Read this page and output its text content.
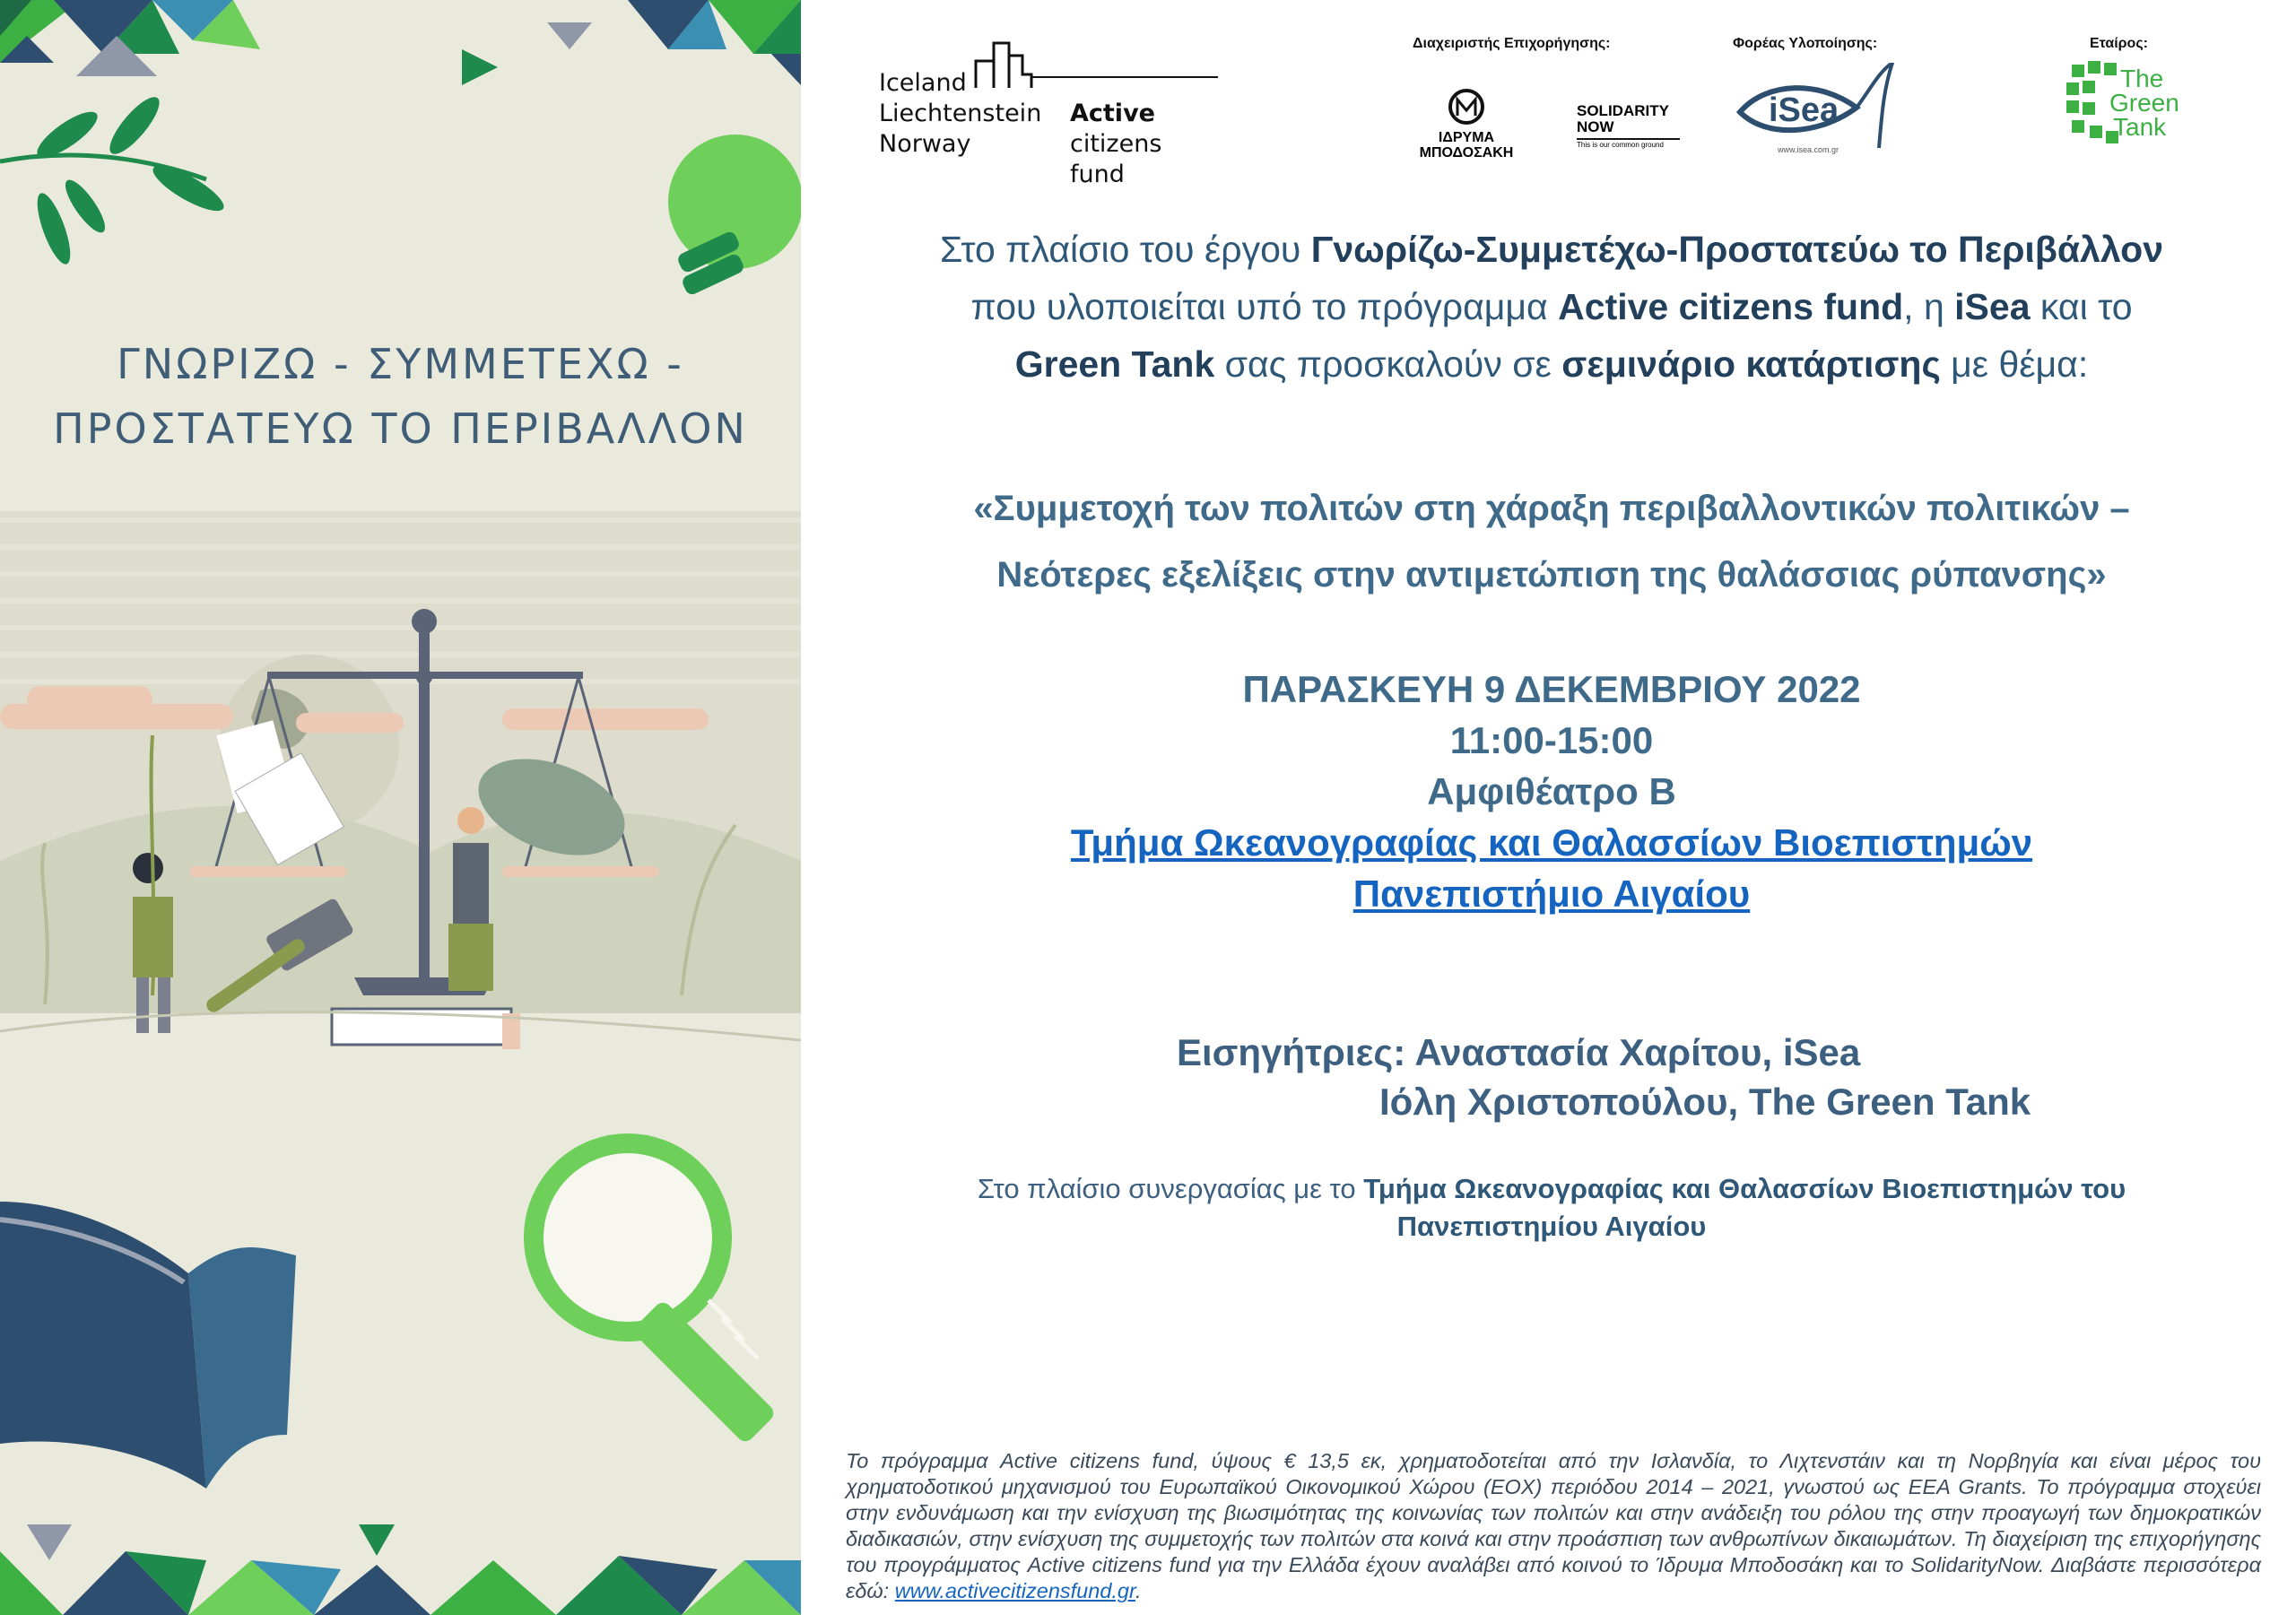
ΓΝΩΡΙΖΩ - ΣΥΜΜΕΤΕΧΩ -
ΠΡΟΣΤΑΤΕΥΩ ΤΟ ΠΕΡΙΒΑΛΛΟΝ
Iceland
Liechtenstein
Norway
Active
citizens fund
Διαχειριστής Επιχορήγησης:
ΙΔΡΥΜΑ ΜΠΟΔΟΣΑΚΗ
SOLIDARITY
NOW
This is our common ground
Φορέας Υλοποίησης:
iSea
www.isea.com.gr
Εταίρος:
The
Green
Tank
Στο πλαίσιο του έργου Γνωρίζω-Συμμετέχω-Προστατεύω το Περιβάλλον
που υλοποιείται υπό το πρόγραμμα Active citizens fund, η iSea και το
Green Tank σας προσκαλούν σε σεμινάριο κατάρτισης με θέμα:
«Συμμετοχή των πολιτών στη χάραξη περιβαλλοντικών πολιτικών –
Νεότερες εξελίξεις στην αντιμετώπιση της θαλάσσιας ρύπανσης»
ΠΑΡΑΣΚΕΥΗ 9 ΔΕΚΕΜΒΡΙΟΥ 2022
11:00-15:00
Αμφιθέατρο Β
Τμήμα Ωκεανογραφίας και Θαλασσίων Βιοεπιστημών
Πανεπιστήμιο Αιγαίου
Εισηγήτριες: Αναστασία Χαρίτου, iSea
Ιόλη Χριστοπούλου, The Green Tank
Στο πλαίσιο συνεργασίας με το Τμήμα Ωκεανογραφίας και Θαλασσίων Βιοεπιστημών του
Πανεπιστημίου Αιγαίου
Το πρόγραμμα Active citizens fund, ύψους € 13,5 εκ, χρηματοδοτείται από την Ισλανδία, το Λιχτενστάιν και τη Νορβηγία και είναι μέρος του χρηματοδοτικού μηχανισμού του Ευρωπαϊκού Οικονομικού Χώρου (ΕΟΧ) περιόδου 2014 – 2021, γνωστού ως EEA Grants. Το πρόγραμμα στοχεύει στην ενδυνάμωση και την ενίσχυση της βιωσιμότητας της κοινωνίας των πολιτών και στην ανάδειξη του ρόλου της στην προαγωγή των δημοκρατικών διαδικασιών, στην ενίσχυση της συμμετοχής των πολιτών στα κοινά και στην προάσπιση των ανθρωπίνων δικαιωμάτων. Τη διαχείριση της επιχορήγησης του προγράμματος Active citizens fund για την Ελλάδα έχουν αναλάβει από κοινού το Ίδρυμα Μποδοσάκη και το SolidarityNow. Διαβάστε περισσότερα εδώ: www.activecitizensfund.gr.
